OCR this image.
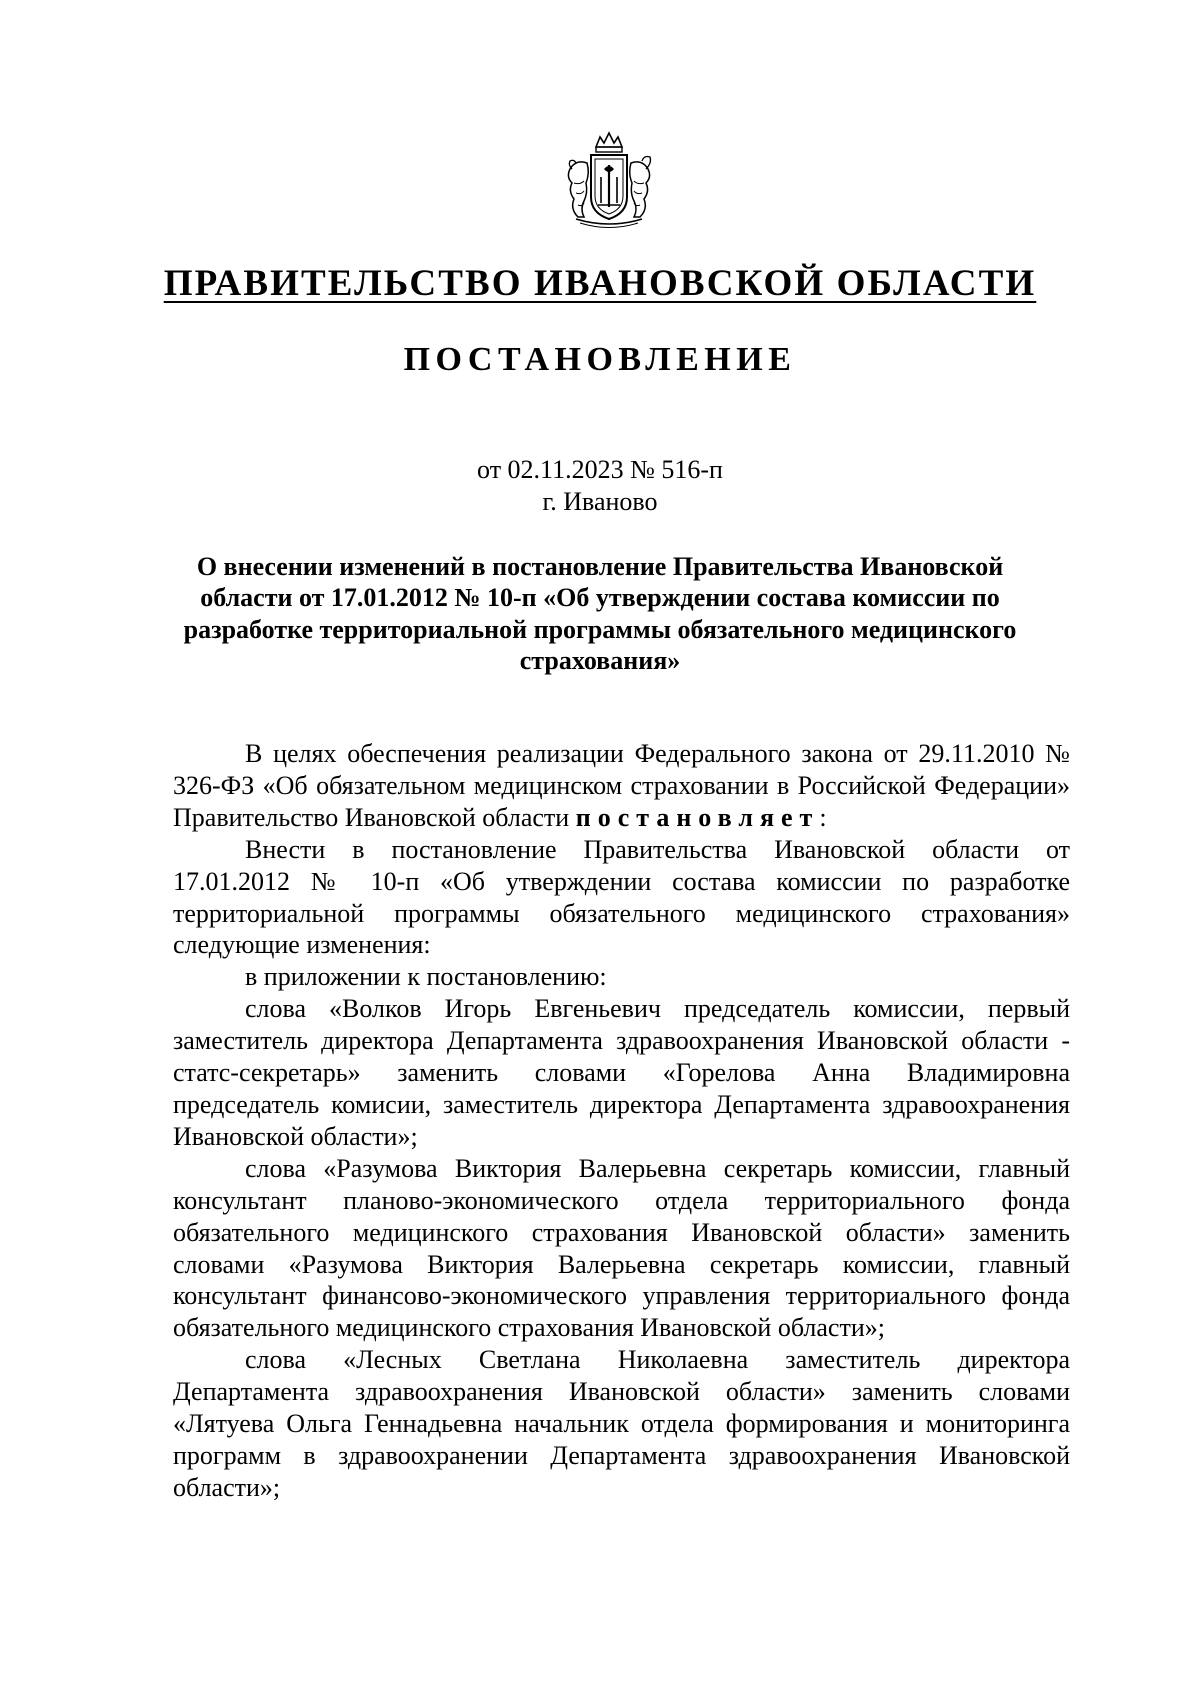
ПРАВИТЕЛЬСТВО ИВАНОВСКОЙ ОБЛАСТИ
ПОСТАНОВЛЕНИЕ
от 02.11.2023 № 516-п
г. Иваново
О внесении изменений в постановление Правительства Ивановской области от 17.01.2012 № 10-п «Об утверждении состава комиссии по разработке территориальной программы обязательного медицинского страхования»

В целях обеспечения реализации Федерального закона от 29.11.2010 № 326-ФЗ «Об обязательном медицинском страховании в Российской Федерации» Правительство Ивановской области постановляет:

Внести в постановление Правительства Ивановской области от 17.01.2012 № 10-п «Об утверждении состава комиссии по разработке территориальной программы обязательного медицинского страхования» следующие изменения:

в приложении к постановлению:

слова «Волков Игорь Евгеньевич председатель комиссии, первый заместитель директора Департамента здравоохранения Ивановской области - статс-секретарь» заменить словами «Горелова Анна Владимировна председатель комисии, заместитель директора Департамента здравоохранения Ивановской области»;

слова «Разумова Виктория Валерьевна секретарь комиссии, главный консультант планово-экономического отдела территориального фонда обязательного медицинского страхования Ивановской области» заменить словами «Разумова Виктория Валерьевна секретарь комиссии, главный консультант финансово-экономического управления территориального фонда обязательного медицинского страхования Ивановской области»;

слова «Лесных Светлана Николаевна заместитель директора Департамента здравоохранения Ивановской области» заменить словами «Лятуева Ольга Геннадьевна начальник отдела формирования и мониторинга программ в здравоохранении Департамента здравоохранения Ивановской области»;
